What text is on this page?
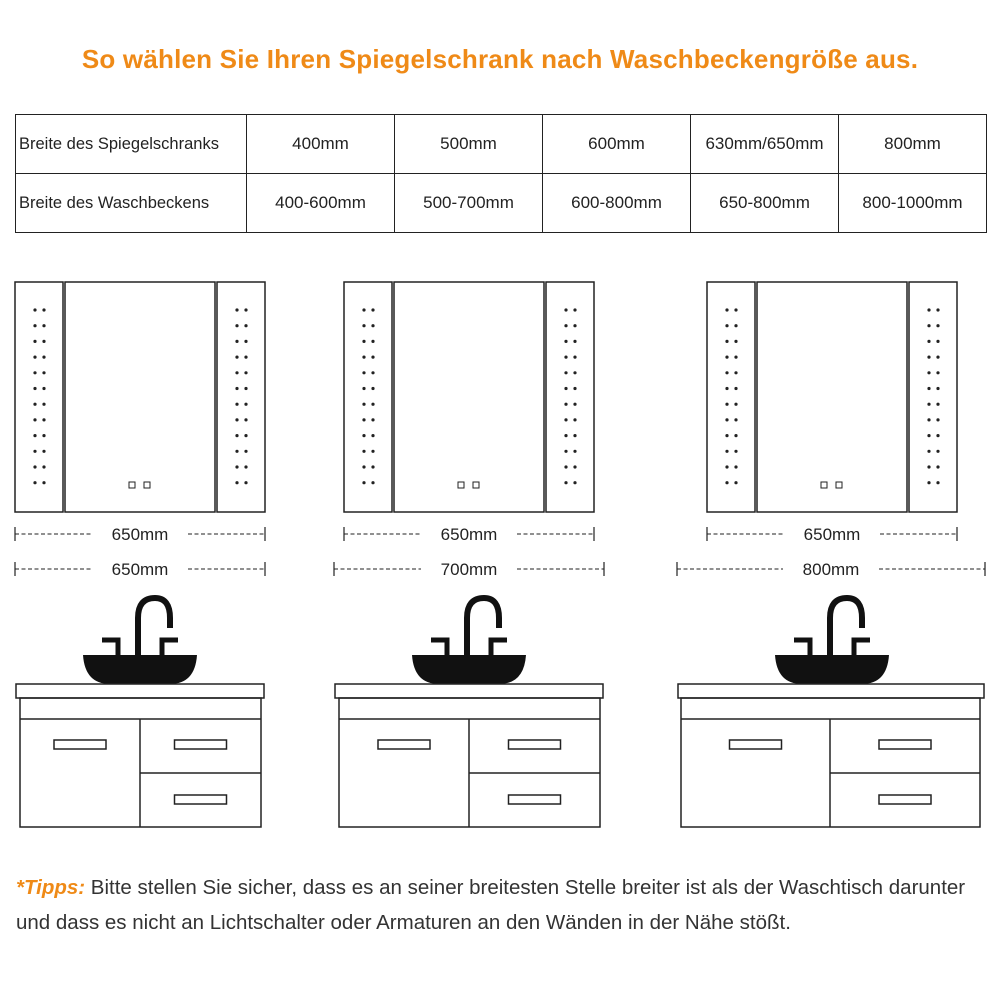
So wählen Sie Ihren Spiegelschrank nach Waschbeckengröße aus.
Breite des Spiegelschranks	400mm	500mm	600mm	630mm/650mm	800mm
Breite des Waschbeckens	400-600mm	500-700mm	600-800mm	650-800mm	800-1000mm
650mm
650mm
650mm
700mm
650mm
800mm
*Tipps: Bitte stellen Sie sicher, dass es an seiner breitesten Stelle breiter ist als der Waschtisch darunter und dass es nicht an Lichtschalter oder Armaturen an den Wänden in der Nähe stößt.
